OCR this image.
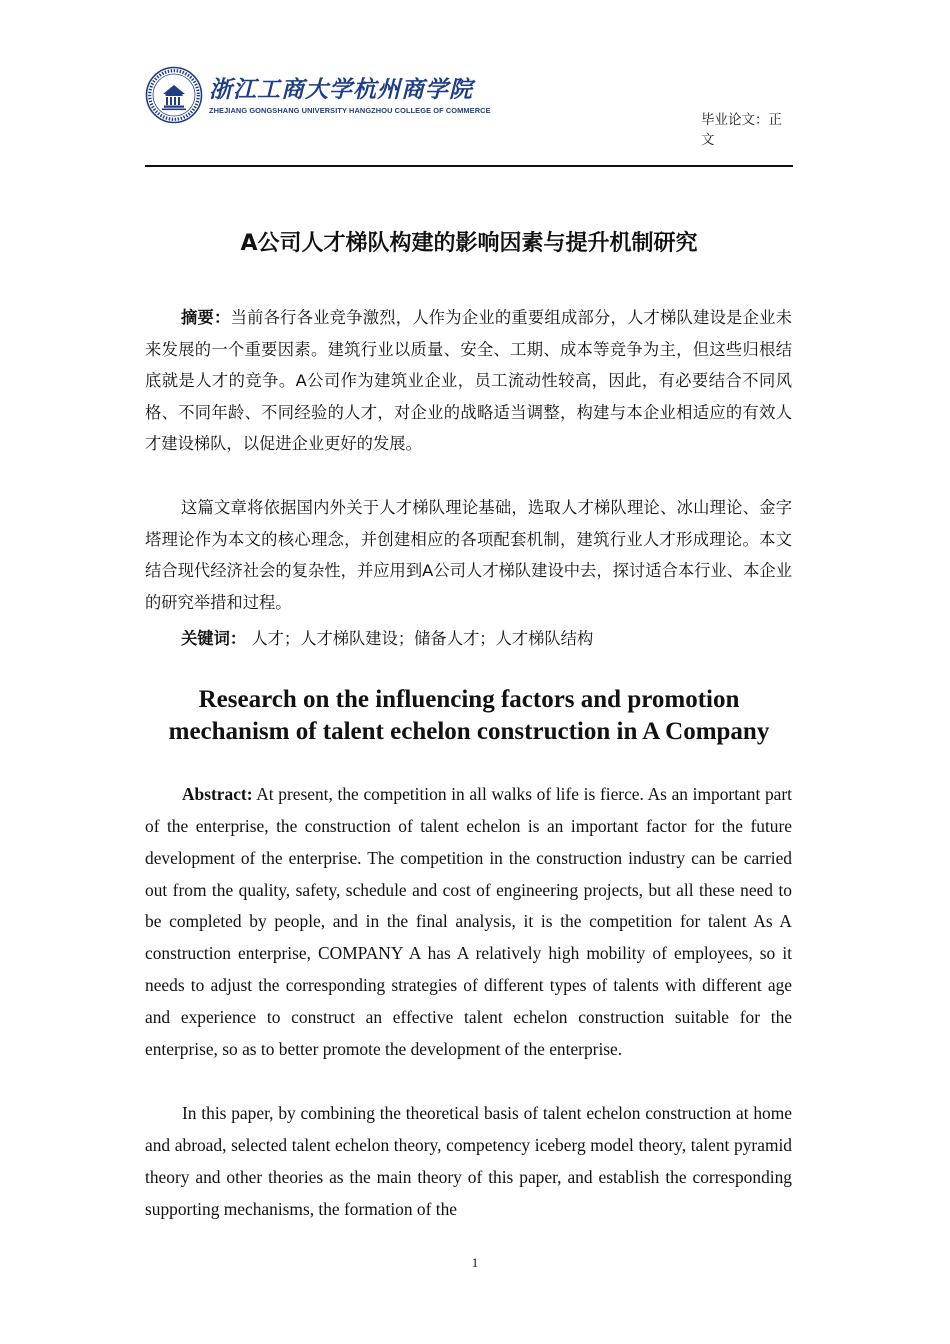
浙江工商大学杭州商学院
ZHEJIANG GONGSHANG UNIVERSITY HANGZHOU COLLEGE OF COMMERCE
毕业论文：正文
A公司人才梯队构建的影响因素与提升机制研究

摘要：当前各行各业竞争激烈，人作为企业的重要组成部分，人才梯队建设是企业未来发展的一个重要因素。建筑行业以质量、安全、工期、成本等竞争为主，但这些归根结底就是人才的竞争。A公司作为建筑业企业，员工流动性较高，因此，有必要结合不同风格、不同年龄、不同经验的人才，对企业的战略适当调整，构建与本企业相适应的有效人才建设梯队，以促进企业更好的发展。

这篇文章将依据国内外关于人才梯队理论基础，选取人才梯队理论、冰山理论、金字塔理论作为本文的核心理念，并创建相应的各项配套机制，建筑行业人才形成理论。本文结合现代经济社会的复杂性，并应用到A公司人才梯队建设中去，探讨适合本行业、本企业的研究举措和过程。

关键词： 人才；人才梯队建设；储备人才；人才梯队结构

Research on the influencing factors and promotion mechanism of talent echelon construction in A Company

Abstract: At present, the competition in all walks of life is fierce. As an important part of the enterprise, the construction of talent echelon is an important factor for the future development of the enterprise. The competition in the construction industry can be carried out from the quality, safety, schedule and cost of engineering projects, but all these need to be completed by people, and in the final analysis, it is the competition for talent As A construction enterprise, COMPANY A has A relatively high mobility of employees, so it needs to adjust the corresponding strategies of different types of talents with different age and experience to construct an effective talent echelon construction suitable for the enterprise, so as to better promote the development of the enterprise.

In this paper, by combining the theoretical basis of talent echelon construction at home and abroad, selected talent echelon theory, competency iceberg model theory, talent pyramid theory and other theories as the main theory of this paper, and establish the corresponding supporting mechanisms, the formation of the

1
